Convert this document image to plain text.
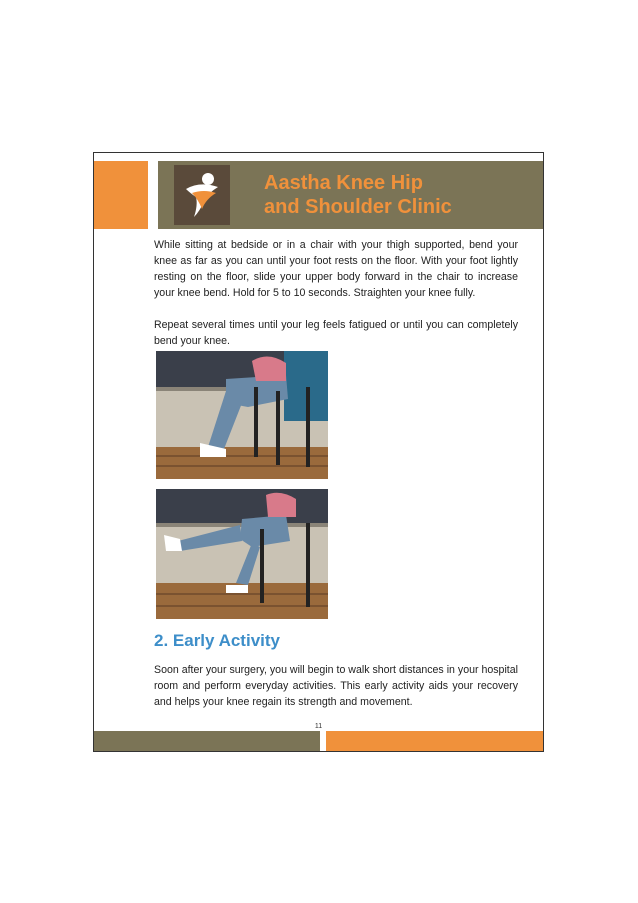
Aastha Knee Hip
and Shoulder Clinic

While sitting at bedside or in a chair with your thigh supported, bend your knee as far as you can until your foot rests on the floor. With your foot lightly resting on the floor, slide your upper body forward in the chair to increase your knee bend. Hold for 5 to 10 seconds. Straighten your knee fully.

Repeat several times until your leg feels fatigued or until you can completely bend your knee.

2. Early Activity

Soon after your surgery, you will begin to walk short distances in your hospital room and perform everyday activities. This early activity aids your recovery and helps your knee regain its strength and movement.

11
